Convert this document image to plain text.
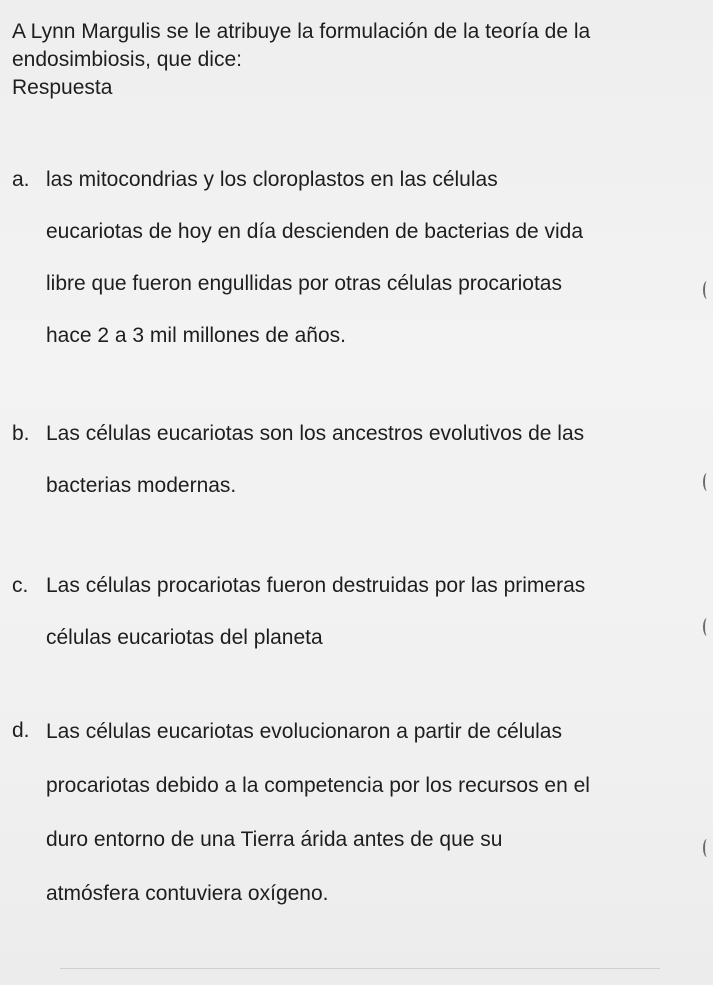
A Lynn Margulis se le atribuye la formulación de la teoría de la
endosimbiosis, que dice:
Respuesta
a. las mitocondrias y los cloroplastos en las células
eucariotas de hoy en día descienden de bacterias de vida
libre que fueron engullidas por otras células procariotas
hace 2 a 3 mil millones de años.
b. Las células eucariotas son los ancestros evolutivos de las
bacterias modernas.
c. Las células procariotas fueron destruidas por las primeras
células eucariotas del planeta
d. Las células eucariotas evolucionaron a partir de células
procariotas debido a la competencia por los recursos en el
duro entorno de una Tierra árida antes de que su
atmósfera contuviera oxígeno.
